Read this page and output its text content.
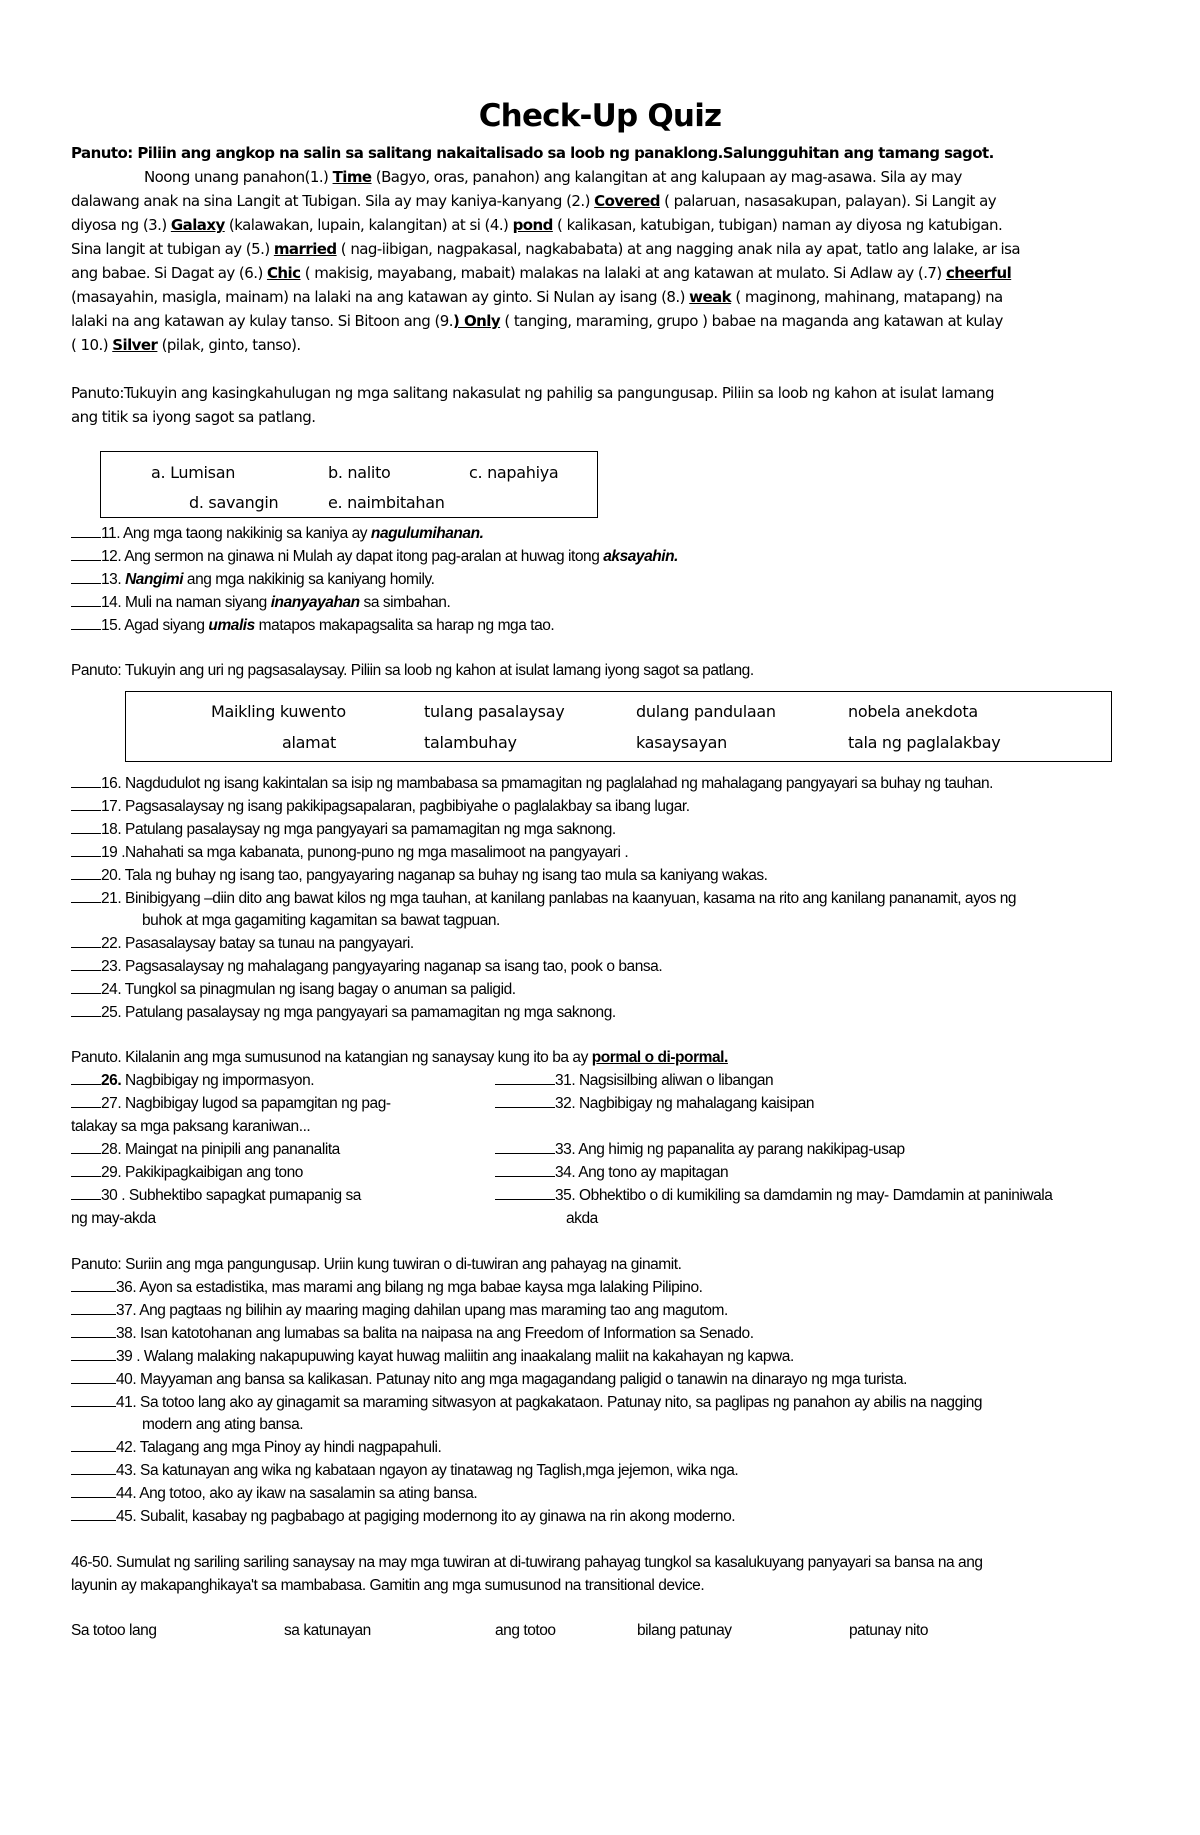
Check-Up Quiz
Panuto: Piliin ang angkop na salin sa salitang nakaitalisado sa loob ng panaklong.Salungguhitan ang tamang sagot.
Noong unang panahon(1.) Time (Bagyo, oras, panahon) ang kalangitan at ang kalupaan ay mag-asawa. Sila ay may
dalawang anak na sina Langit at Tubigan. Sila ay may kaniya-kanyang (2.) Covered ( palaruan, nasasakupan, palayan). Si Langit ay
diyosa ng (3.) Galaxy (kalawakan, lupain, kalangitan) at si (4.) pond ( kalikasan, katubigan, tubigan) naman ay diyosa ng katubigan.
Sina langit at tubigan ay (5.) married ( nag-iibigan, nagpakasal, nagkababata) at ang nagging anak nila ay apat, tatlo ang lalake, ar isa
ang babae. Si Dagat ay (6.) Chic ( makisig, mayabang, mabait) malakas na lalaki at ang katawan at mulato. Si Adlaw ay (.7) cheerful
(masayahin, masigla, mainam) na lalaki na ang katawan ay ginto. Si Nulan ay isang (8.) weak ( maginong, mahinang, matapang) na
lalaki na ang katawan ay kulay tanso. Si Bitoon ang (9.) Only ( tanging, maraming, grupo ) babae na maganda ang katawan at kulay
( 10.) Silver (pilak, ginto, tanso).
Panuto:Tukuyin ang kasingkahulugan ng mga salitang nakasulat ng pahilig sa pangungusap. Piliin sa loob ng kahon at isulat lamang
ang titik sa iyong sagot sa patlang.
a. Lumisan	b. nalito	c. napahiya
d. savangin	e. naimbitahan
11. Ang mga taong nakikinig sa kaniya ay nagulumihanan.
12. Ang sermon na ginawa ni Mulah ay dapat itong pag-aralan at huwag itong aksayahin.
13. Nangimi ang mga nakikinig sa kaniyang homily.
14. Muli na naman siyang inanyayahan sa simbahan.
15. Agad siyang umalis matapos makapagsalita sa harap ng mga tao.
Panuto: Tukuyin ang uri ng pagsasalaysay. Piliin sa loob ng kahon at isulat lamang iyong sagot sa patlang.
Maikling kuwento	tulang pasalaysay	dulang pandulaan	nobela anekdota
alamat	talambuhay	kasaysayan	tala ng paglalakbay
16. Nagdudulot ng isang kakintalan sa isip ng mambabasa sa pmamagitan ng paglalahad ng mahalagang pangyayari sa buhay ng tauhan.
17. Pagsasalaysay ng isang pakikipagsapalaran, pagbibiyahe o paglalakbay sa ibang lugar.
18. Patulang pasalaysay ng mga pangyayari sa pamamagitan ng mga saknong.
19 .Nahahati sa mga kabanata, punong-puno ng mga masalimoot na pangyayari .
20. Tala ng buhay ng isang tao, pangyayaring naganap sa buhay ng isang tao mula sa kaniyang wakas.
21. Binibigyang –diin dito ang bawat kilos ng mga tauhan, at kanilang panlabas na kaanyuan, kasama na rito ang kanilang pananamit, ayos ng
buhok at mga gagamiting kagamitan sa bawat tagpuan.
22. Pasasalaysay batay sa tunau na pangyayari.
23. Pagsasalaysay ng mahalagang pangyayaring naganap sa isang tao, pook o bansa.
24. Tungkol sa pinagmulan ng isang bagay o anuman sa paligid.
25. Patulang pasalaysay ng mga pangyayari sa pamamagitan ng mga saknong.
Panuto. Kilalanin ang mga sumusunod na katangian ng sanaysay kung ito ba ay pormal o di-pormal.
26. Nagbibigay ng impormasyon.
27. Nagbibigay lugod sa papamgitan ng pag-
talakay sa mga paksang karaniwan...
28. Maingat na pinipili ang pananalita
29. Pakikipagkaibigan ang tono
30 . Subhektibo sapagkat pumapanig sa
ng may-akda
31. Nagsisilbing aliwan o libangan
32. Nagbibigay ng mahalagang kaisipan
33. Ang himig ng papanalita ay parang nakikipag-usap
34. Ang tono ay mapitagan
35. Obhektibo o di kumikiling sa damdamin ng may- Damdamin at paniniwala
akda
Panuto: Suriin ang mga pangungusap. Uriin kung tuwiran o di-tuwiran ang pahayag na ginamit.
36. Ayon sa estadistika, mas marami ang bilang ng mga babae kaysa mga lalaking Pilipino.
37. Ang pagtaas ng bilihin ay maaring maging dahilan upang mas maraming tao ang magutom.
38. Isan katotohanan ang lumabas sa balita na naipasa na ang Freedom of Information sa Senado.
39 . Walang malaking nakapupuwing kayat huwag maliitin ang inaakalang maliit na kakahayan ng kapwa.
40. Mayyaman ang bansa sa kalikasan. Patunay nito ang mga magagandang paligid o tanawin na dinarayo ng mga turista.
41. Sa totoo lang ako ay ginagamit sa maraming sitwasyon at pagkakataon. Patunay nito, sa paglipas ng panahon ay abilis na nagging
modern ang ating bansa.
42. Talagang ang mga Pinoy ay hindi nagpapahuli.
43. Sa katunayan ang wika ng kabataan ngayon ay tinatawag ng Taglish,mga jejemon, wika nga.
44. Ang totoo, ako ay ikaw na sasalamin sa ating bansa.
45. Subalit, kasabay ng pagbabago at pagiging modernong ito ay ginawa na rin akong moderno.
46-50. Sumulat ng sariling sariling sanaysay na may mga tuwiran at di-tuwirang pahayag tungkol sa kasalukuyang panyayari sa bansa na ang
layunin ay makapanghikaya't sa mambabasa. Gamitin ang mga sumusunod na transitional device.
Sa totoo lang	sa katunayan	ang totoo	bilang patunay	patunay nito
